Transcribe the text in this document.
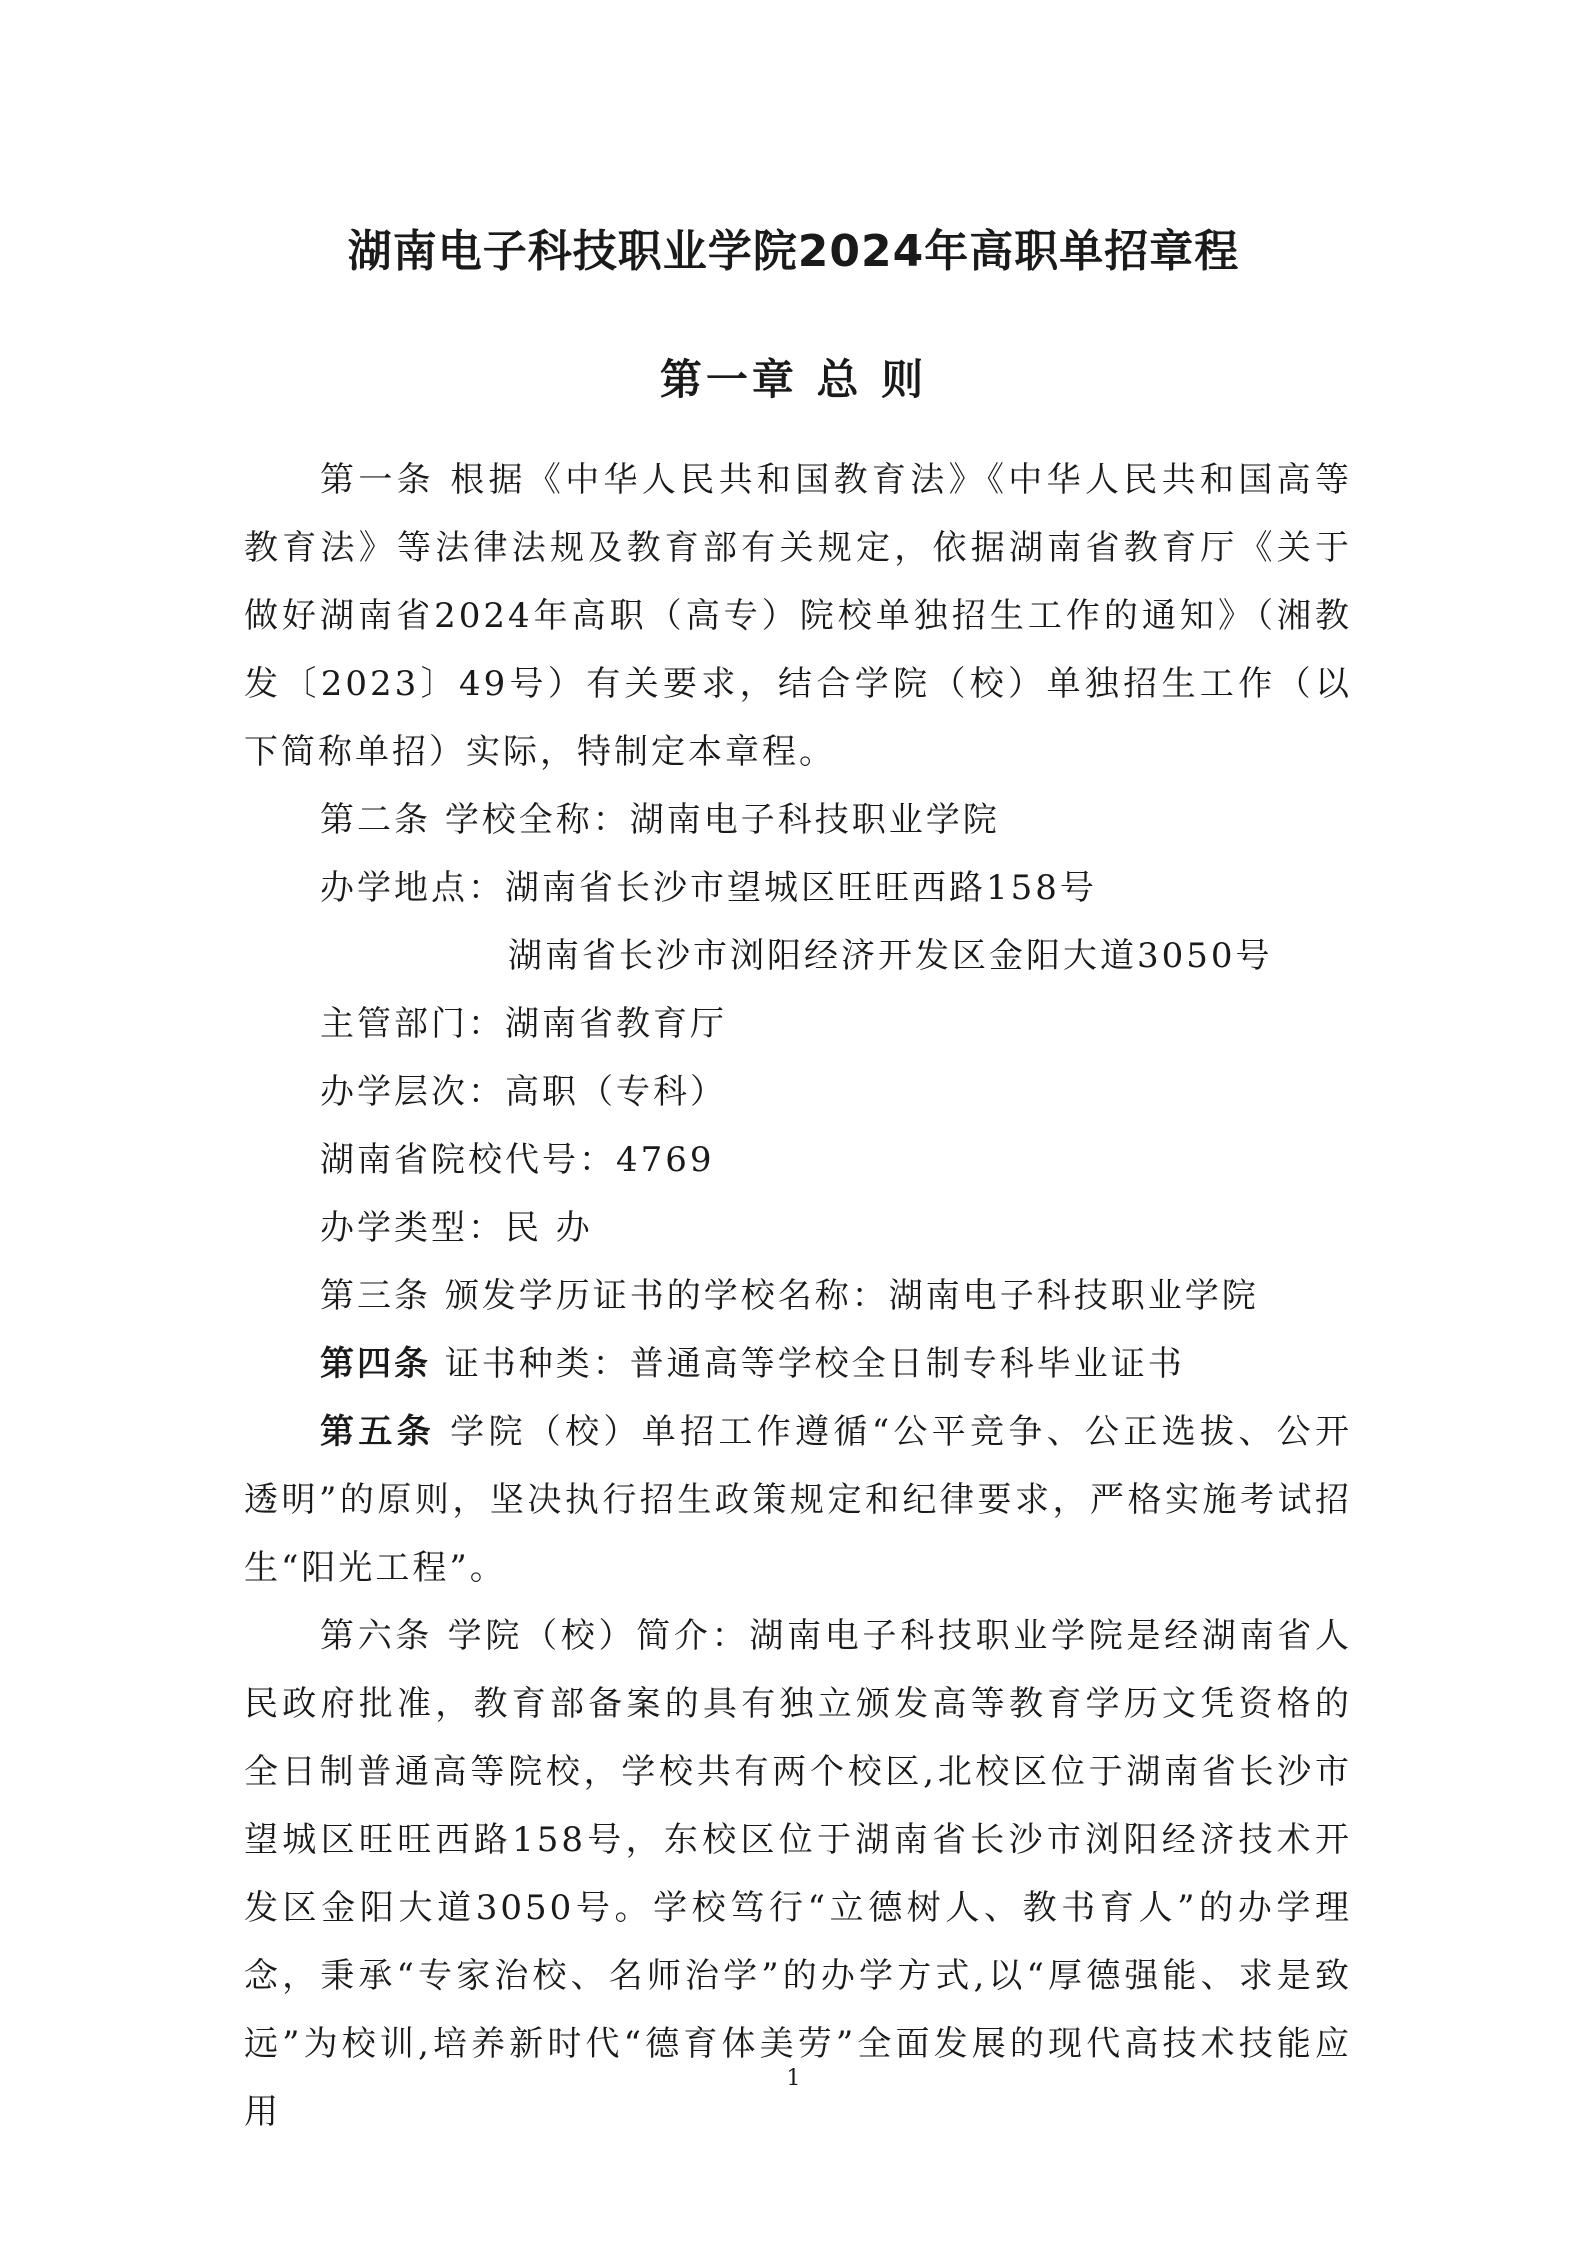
湖南电子科技职业学院2024年高职单招章程
第一章 总 则

第一条 根据《中华人民共和国教育法》《中华人民共和国高等教育法》等法律法规及教育部有关规定，依据湖南省教育厅《关于做好湖南省2024年高职（高专）院校单独招生工作的通知》（湘教发〔2023〕49号）有关要求，结合学院（校）单独招生工作（以下简称单招）实际，特制定本章程。

第二条 学校全称：湖南电子科技职业学院

办学地点：湖南省长沙市望城区旺旺西路158号

湖南省长沙市浏阳经济开发区金阳大道3050号

主管部门：湖南省教育厅

办学层次：高职（专科）

湖南省院校代号：4769

办学类型：民 办

第三条 颁发学历证书的学校名称：湖南电子科技职业学院

第四条 证书种类：普通高等学校全日制专科毕业证书

第五条 学院（校）单招工作遵循“公平竞争、公正选拔、公开透明”的原则，坚决执行招生政策规定和纪律要求，严格实施考试招生“阳光工程”。

第六条 学院（校）简介：湖南电子科技职业学院是经湖南省人民政府批准，教育部备案的具有独立颁发高等教育学历文凭资格的全日制普通高等院校，学校共有两个校区,北校区位于湖南省长沙市望城区旺旺西路158号，东校区位于湖南省长沙市浏阳经济技术开发区金阳大道3050号。学校笃行“立德树人、教书育人”的办学理念，秉承“专家治校、名师治学”的办学方式,以“厚德强能、求是致远”为校训,培养新时代“德育体美劳”全面发展的现代高技术技能应用

1
